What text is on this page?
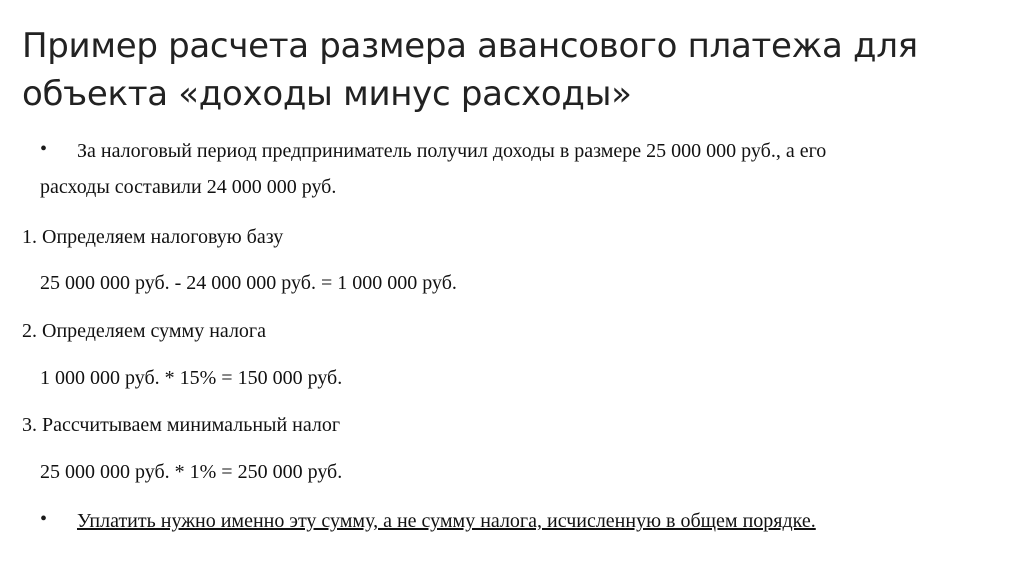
Пример расчета размера авансового платежа для
объекта «доходы минус расходы»
• За налоговый период предприниматель получил доходы в размере 25 000 000 руб., а его
расходы составили 24 000 000 руб.
1. Определяем налоговую базу
25 000 000 руб. - 24 000 000 руб. = 1 000 000 руб.
2. Определяем сумму налога
1 000 000 руб. * 15% = 150 000 руб.
3. Рассчитываем минимальный налог
25 000 000 руб. * 1% = 250 000 руб.
• Уплатить нужно именно эту сумму, а не сумму налога, исчисленную в общем порядке.
